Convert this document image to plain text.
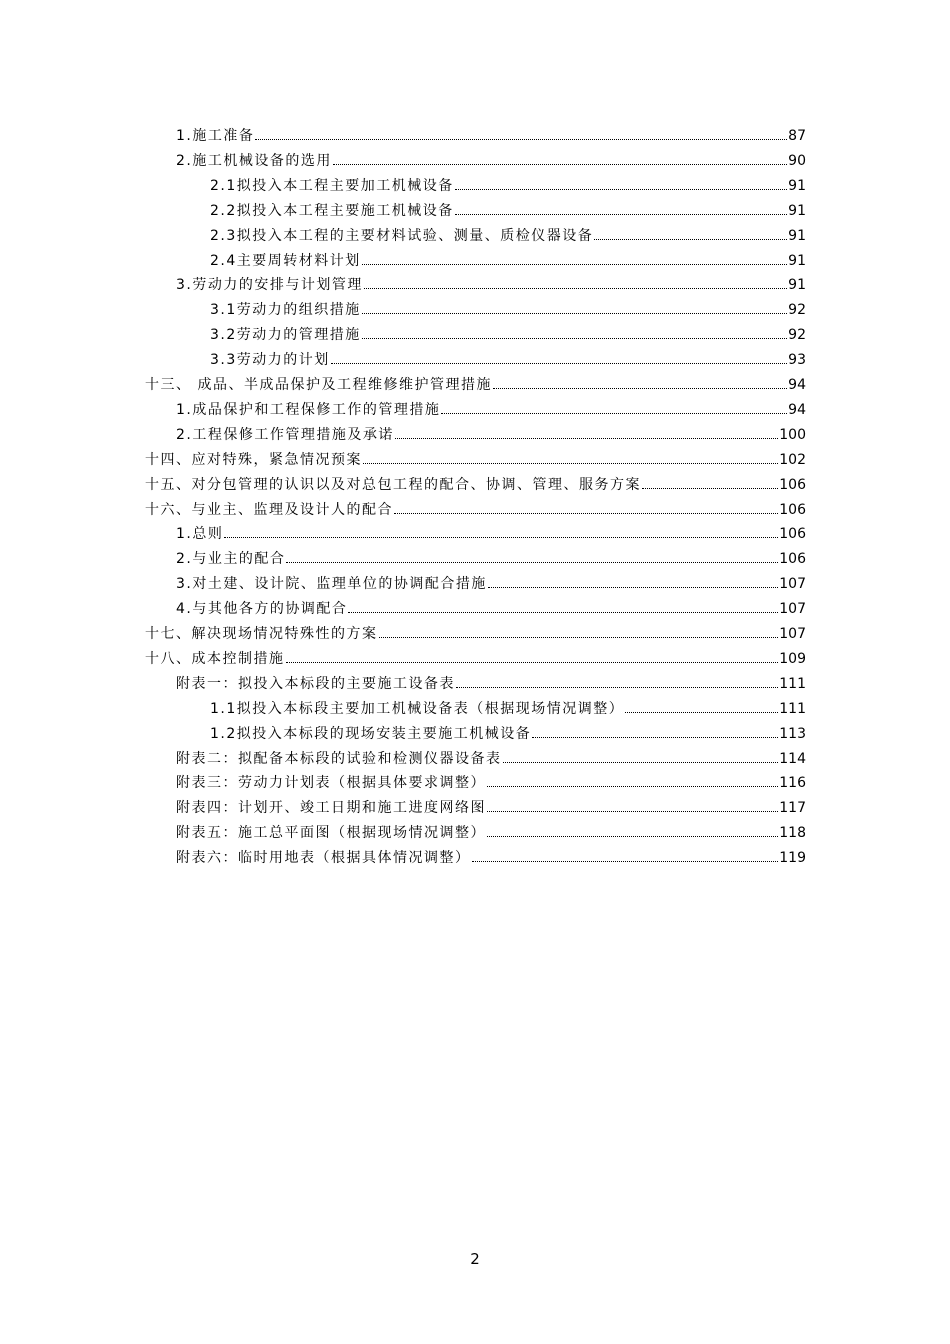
1.施工准备	87
2.施工机械设备的选用	90
2.1拟投入本工程主要加工机械设备	91
2.2拟投入本工程主要施工机械设备	91
2.3拟投入本工程的主要材料试验、测量、质检仪器设备	91
2.4主要周转材料计划	91
3.劳动力的安排与计划管理	91
3.1劳动力的组织措施	92
3.2劳动力的管理措施	92
3.3劳动力的计划	93
十三、 成品、半成品保护及工程维修维护管理措施	94
1.成品保护和工程保修工作的管理措施	94
2.工程保修工作管理措施及承诺	100
十四、应对特殊，紧急情况预案	102
十五、对分包管理的认识以及对总包工程的配合、协调、管理、服务方案	106
十六、与业主、监理及设计人的配合	106
1.总则	106
2.与业主的配合	106
3.对土建、设计院、监理单位的协调配合措施	107
4.与其他各方的协调配合	107
十七、解决现场情况特殊性的方案	107
十八、成本控制措施	109
附表一：拟投入本标段的主要施工设备表	111
1.1拟投入本标段主要加工机械设备表（根据现场情况调整）	111
1.2拟投入本标段的现场安装主要施工机械设备	113
附表二：拟配备本标段的试验和检测仪器设备表	114
附表三：劳动力计划表（根据具体要求调整）	116
附表四：计划开、竣工日期和施工进度网络图	117
附表五：施工总平面图（根据现场情况调整）	118
附表六：临时用地表（根据具体情况调整）	119
2
